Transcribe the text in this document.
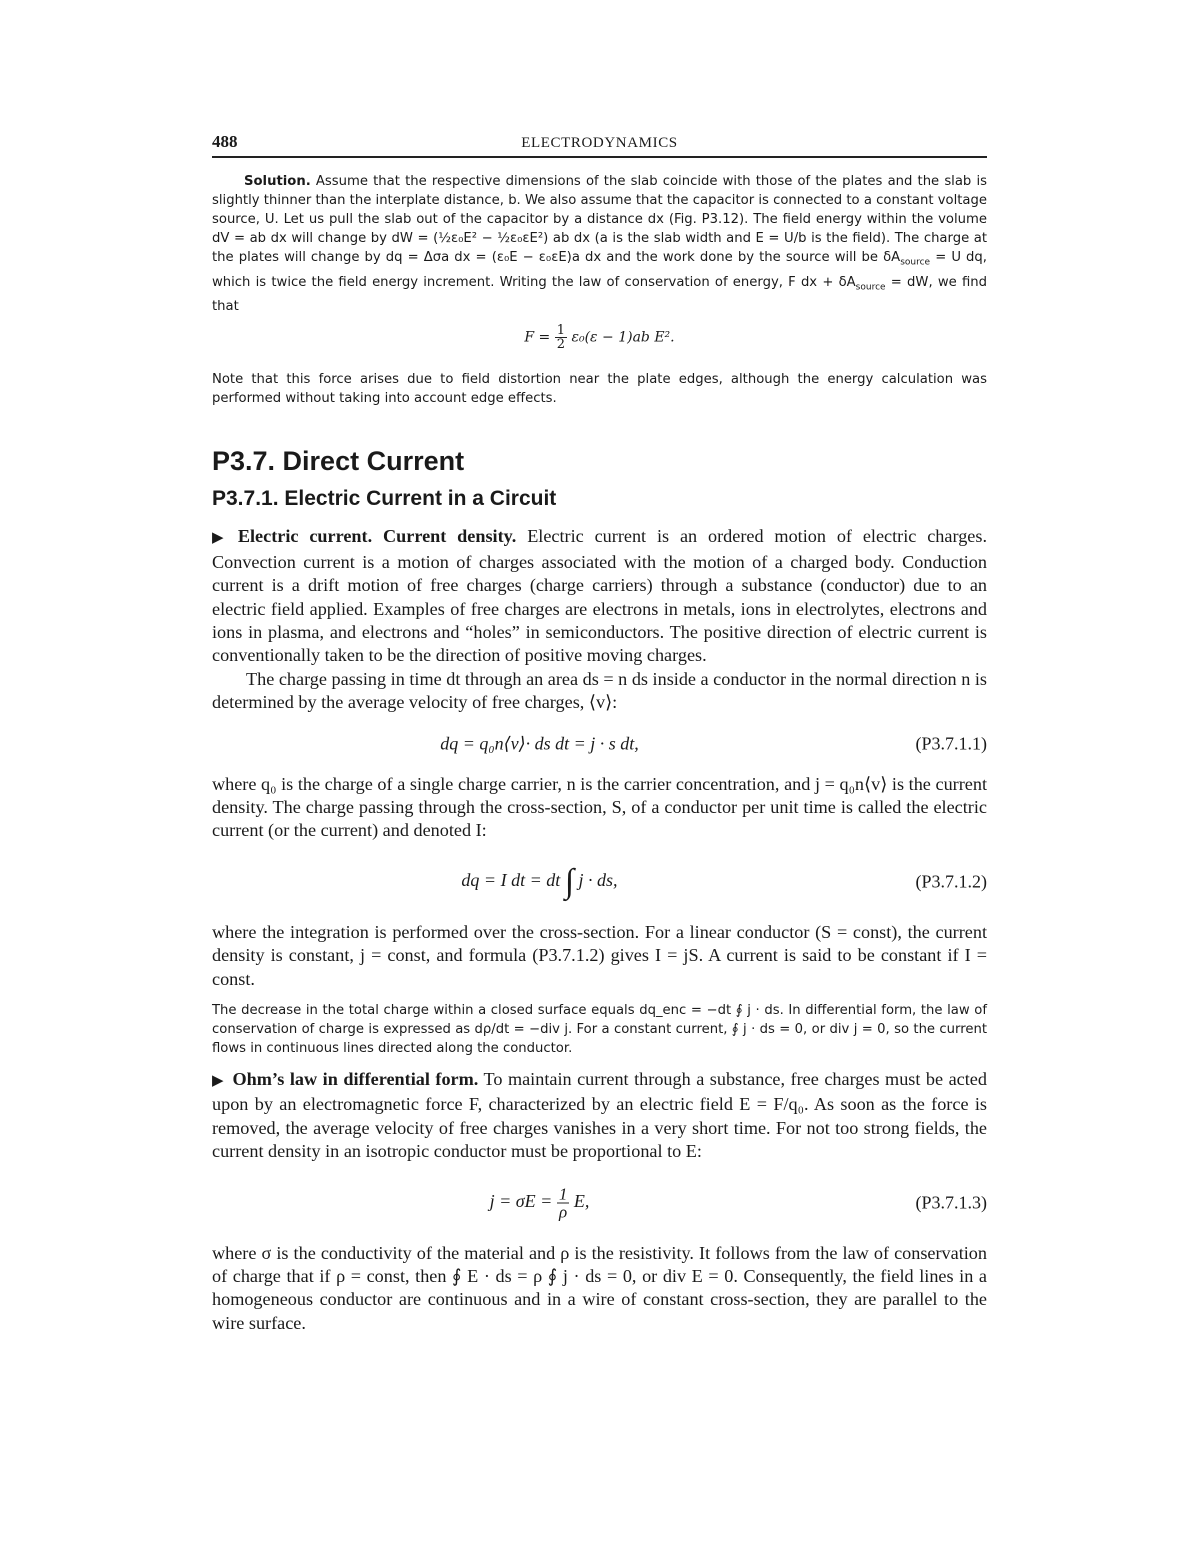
488	ELECTRODYNAMICS

Solution. Assume that the respective dimensions of the slab coincide with those of the plates and the slab is slightly thinner than the interplate distance, b. We also assume that the capacitor is connected to a constant voltage source, U. Let us pull the slab out of the capacitor by a distance dx (Fig. P3.12). The field energy within the volume dV = ab dx will change by dW = (½ε₀E² − ½ε₀εE²) ab dx (a is the slab width and E = U/b is the field). The charge at the plates will change by dq = Δσa dx = (ε₀E − ε₀εE)a dx and the work done by the source will be $\delta A_{source} = U$ dq, which is twice the field energy increment. Writing the law of conservation of energy, F dx + $\delta A_{source}$ = dW, we find that

$F = \frac{1}{2} \varepsilon_0(\varepsilon - 1)ab$ E².

Note that this force arises due to field distortion near the plate edges, although the energy calculation was performed without taking into account edge effects.

P3.7. Direct Current
P3.7.1. Electric Current in a Circuit

▶ Electric current. Current density. Electric current is an ordered motion of electric charges. Convection current is a motion of charges associated with the motion of a charged body. Conduction current is a drift motion of free charges (charge carriers) through a substance (conductor) due to an electric field applied. Examples of free charges are electrons in metals, ions in electrolytes, electrons and ions in plasma, and electrons and “holes” in semiconductors. The positive direction of electric current is conventionally taken to be the direction of positive moving charges.

The charge passing in time dt through an area ds = n ds inside a conductor in the normal direction n is determined by the average velocity of free charges, ⟨v⟩:

dq = q₀n⟨v⟩· ds dt = j · s dt,	(P3.7.1.1)

where q₀ is the charge of a single charge carrier, n is the carrier concentration, and j = q₀n⟨v⟩ is the current density. The charge passing through the cross-section, S, of a conductor per unit time is called the electric current (or the current) and denoted I:

dq = I dt = dt ∫ j · ds,	(P3.7.1.2)

where the integration is performed over the cross-section. For a linear conductor (S = const), the current density is constant, j = const, and formula (P3.7.1.2) gives I = jS. A current is said to be constant if I = const.

The decrease in the total charge within a closed surface equals dq_enc = −dt ∮ j · ds. In differential form, the law of conservation of charge is expressed as dρ/dt = −div j. For a constant current, ∮ j · ds = 0, or div j = 0, so the current flows in continuous lines directed along the conductor.

▶ Ohm’s law in differential form. To maintain current through a substance, free charges must be acted upon by an electromagnetic force F, characterized by an electric field E = F/q₀. As soon as the force is removed, the average velocity of free charges vanishes in a very short time. For not too strong fields, the current density in an isotropic conductor must be proportional to E:

$j = \sigma E = \frac{1}{\rho} E$,	(P3.7.1.3)

where σ is the conductivity of the material and ρ is the resistivity. It follows from the law of conservation of charge that if ρ = const, then ∮ E · ds = ρ ∮ j · ds = 0, or div E = 0. Consequently, the field lines in a homogeneous conductor are continuous and in a wire of constant cross-section, they are parallel to the wire surface.
